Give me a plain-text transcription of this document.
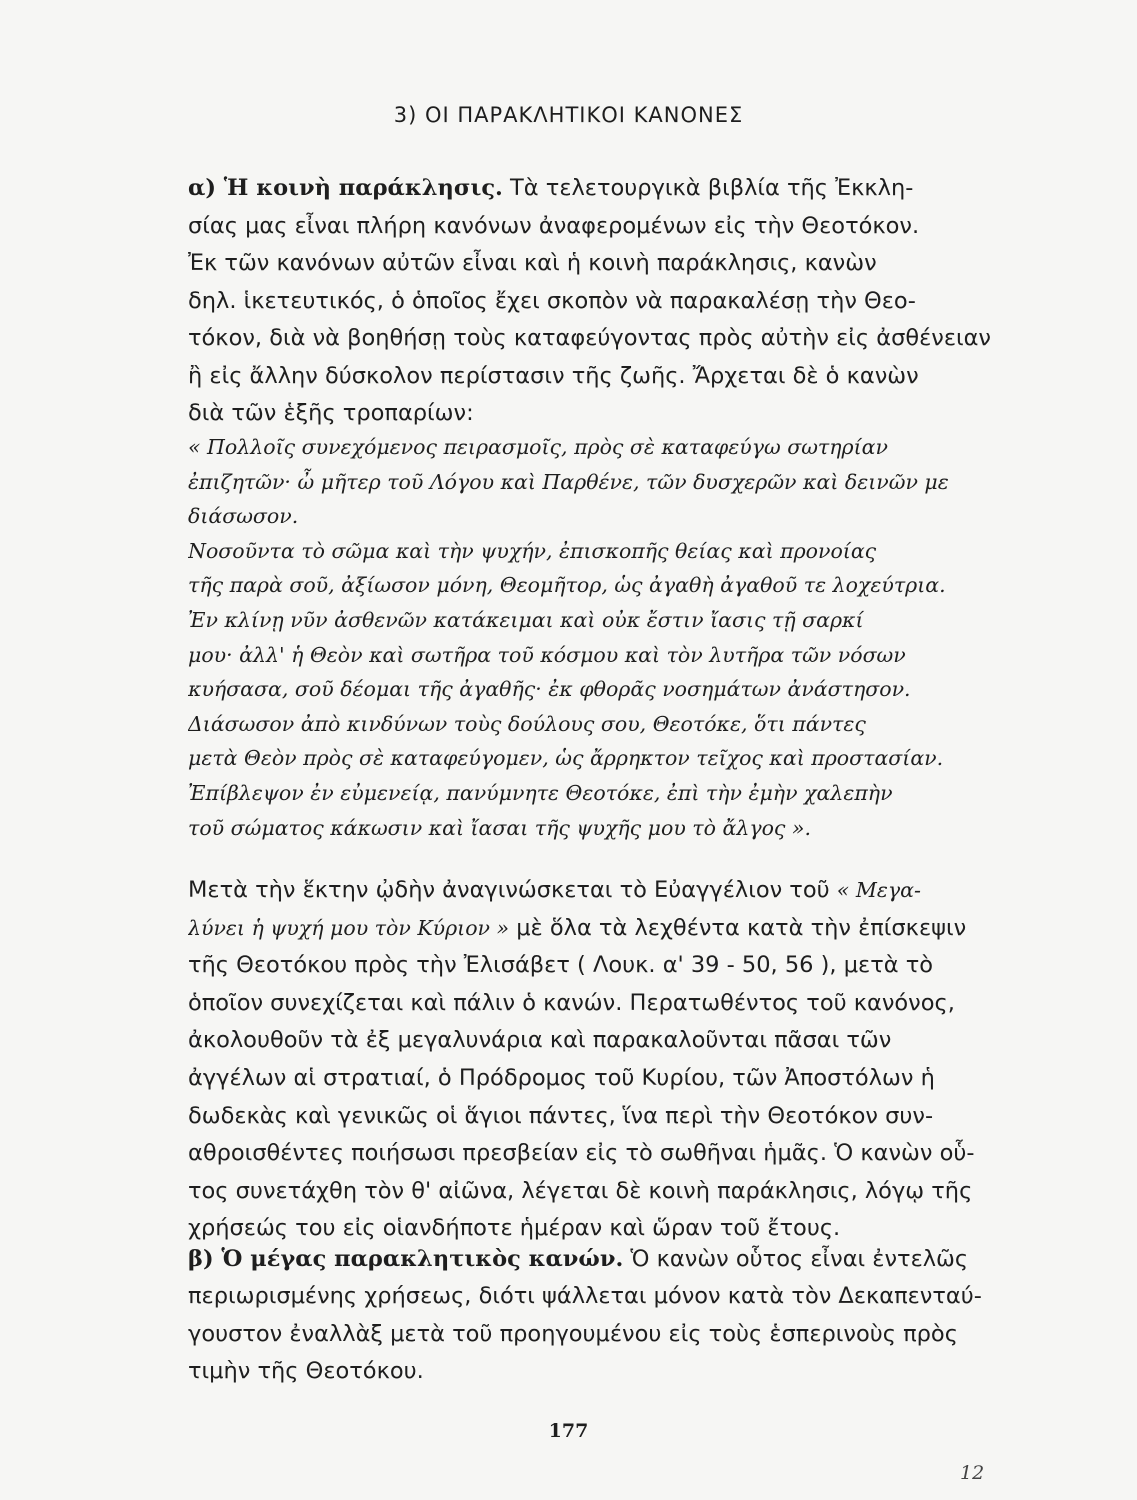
3) ΟΙ ΠΑΡΑΚΛΗΤΙΚΟΙ ΚΑΝΟΝΕΣ
α) Ἡ κοινὴ παράκλησις. Τὰ τελετουργικὰ βιβλία τῆς Ἐκκλη-
σίας μας εἶναι πλήρη κανόνων ἀναφερομένων εἰς τὴν Θεοτόκον.
Ἐκ τῶν κανόνων αὐτῶν εἶναι καὶ ἡ κοινὴ παράκλησις, κανὼν
δηλ. ἱκετευτικός, ὁ ὁποῖος ἔχει σκοπὸν νὰ παρακαλέσῃ τὴν Θεο-
τόκον, διὰ νὰ βοηθήσῃ τοὺς καταφεύγοντας πρὸς αὐτὴν εἰς ἀσθένειαν
ἢ εἰς ἄλλην δύσκολον περίστασιν τῆς ζωῆς. Ἄρχεται δὲ ὁ κανὼν
διὰ τῶν ἑξῆς τροπαρίων:
« Πολλοῖς συνεχόμενος πειρασμοῖς, πρὸς σὲ καταφεύγω σωτηρίαν
ἐπιζητῶν· ὦ μῆτερ τοῦ Λόγου καὶ Παρθένε, τῶν δυσχερῶν καὶ δεινῶν με
διάσωσον.
Νοσοῦντα τὸ σῶμα καὶ τὴν ψυχήν, ἐπισκοπῆς θείας καὶ προνοίας
τῆς παρὰ σοῦ, ἀξίωσον μόνη, Θεομῆτορ, ὡς ἀγαθὴ ἀγαθοῦ τε λοχεύτρια.
Ἐν κλίνῃ νῦν ἀσθενῶν κατάκειμαι καὶ οὐκ ἔστιν ἴασις τῇ σαρκί
μου· ἀλλ' ἡ Θεὸν καὶ σωτῆρα τοῦ κόσμου καὶ τὸν λυτῆρα τῶν νόσων
κυήσασα, σοῦ δέομαι τῆς ἀγαθῆς· ἐκ φθορᾶς νοσημάτων ἀνάστησον.
Διάσωσον ἀπὸ κινδύνων τοὺς δούλους σου, Θεοτόκε, ὅτι πάντες
μετὰ Θεὸν πρὸς σὲ καταφεύγομεν, ὡς ἄρρηκτον τεῖχος καὶ προστασίαν.
Ἐπίβλεψον ἐν εὐμενείᾳ, πανύμνητε Θεοτόκε, ἐπὶ τὴν ἐμὴν χαλεπὴν
τοῦ σώματος κάκωσιν καὶ ἴασαι τῆς ψυχῆς μου τὸ ἄλγος ».
Μετὰ τὴν ἕκτην ᾠδὴν ἀναγινώσκεται τὸ Εὐαγγέλιον τοῦ « Μεγα-
λύνει ἡ ψυχή μου τὸν Κύριον » μὲ ὅλα τὰ λεχθέντα κατὰ τὴν ἐπίσκεψιν
τῆς Θεοτόκου πρὸς τὴν Ἐλισάβετ ( Λουκ. α' 39 - 50, 56 ), μετὰ τὸ
ὁποῖον συνεχίζεται καὶ πάλιν ὁ κανών. Περατωθέντος τοῦ κανόνος,
ἀκολουθοῦν τὰ ἐξ μεγαλυνάρια καὶ παρακαλοῦνται πᾶσαι τῶν
ἀγγέλων αἱ στρατιαί, ὁ Πρόδρομος τοῦ Κυρίου, τῶν Ἀποστόλων ἡ
δωδεκὰς καὶ γενικῶς οἱ ἅγιοι πάντες, ἵνα περὶ τὴν Θεοτόκον συν-
αθροισθέντες ποιήσωσι πρεσβείαν εἰς τὸ σωθῆναι ἡμᾶς. Ὁ κανὼν οὗ-
τος συνετάχθη τὸν θ' αἰῶνα, λέγεται δὲ κοινὴ παράκλησις, λόγῳ τῆς
χρήσεώς του εἰς οἱανδήποτε ἡμέραν καὶ ὥραν τοῦ ἔτους.
β) Ὁ μέγας παρακλητικὸς κανών. Ὁ κανὼν οὗτος εἶναι ἐντελῶς
περιωρισμένης χρήσεως, διότι ψάλλεται μόνον κατὰ τὸν Δεκαπενταύ-
γουστον ἐναλλὰξ μετὰ τοῦ προηγουμένου εἰς τοὺς ἑσπερινοὺς πρὸς
τιμὴν τῆς Θεοτόκου.
177
12
